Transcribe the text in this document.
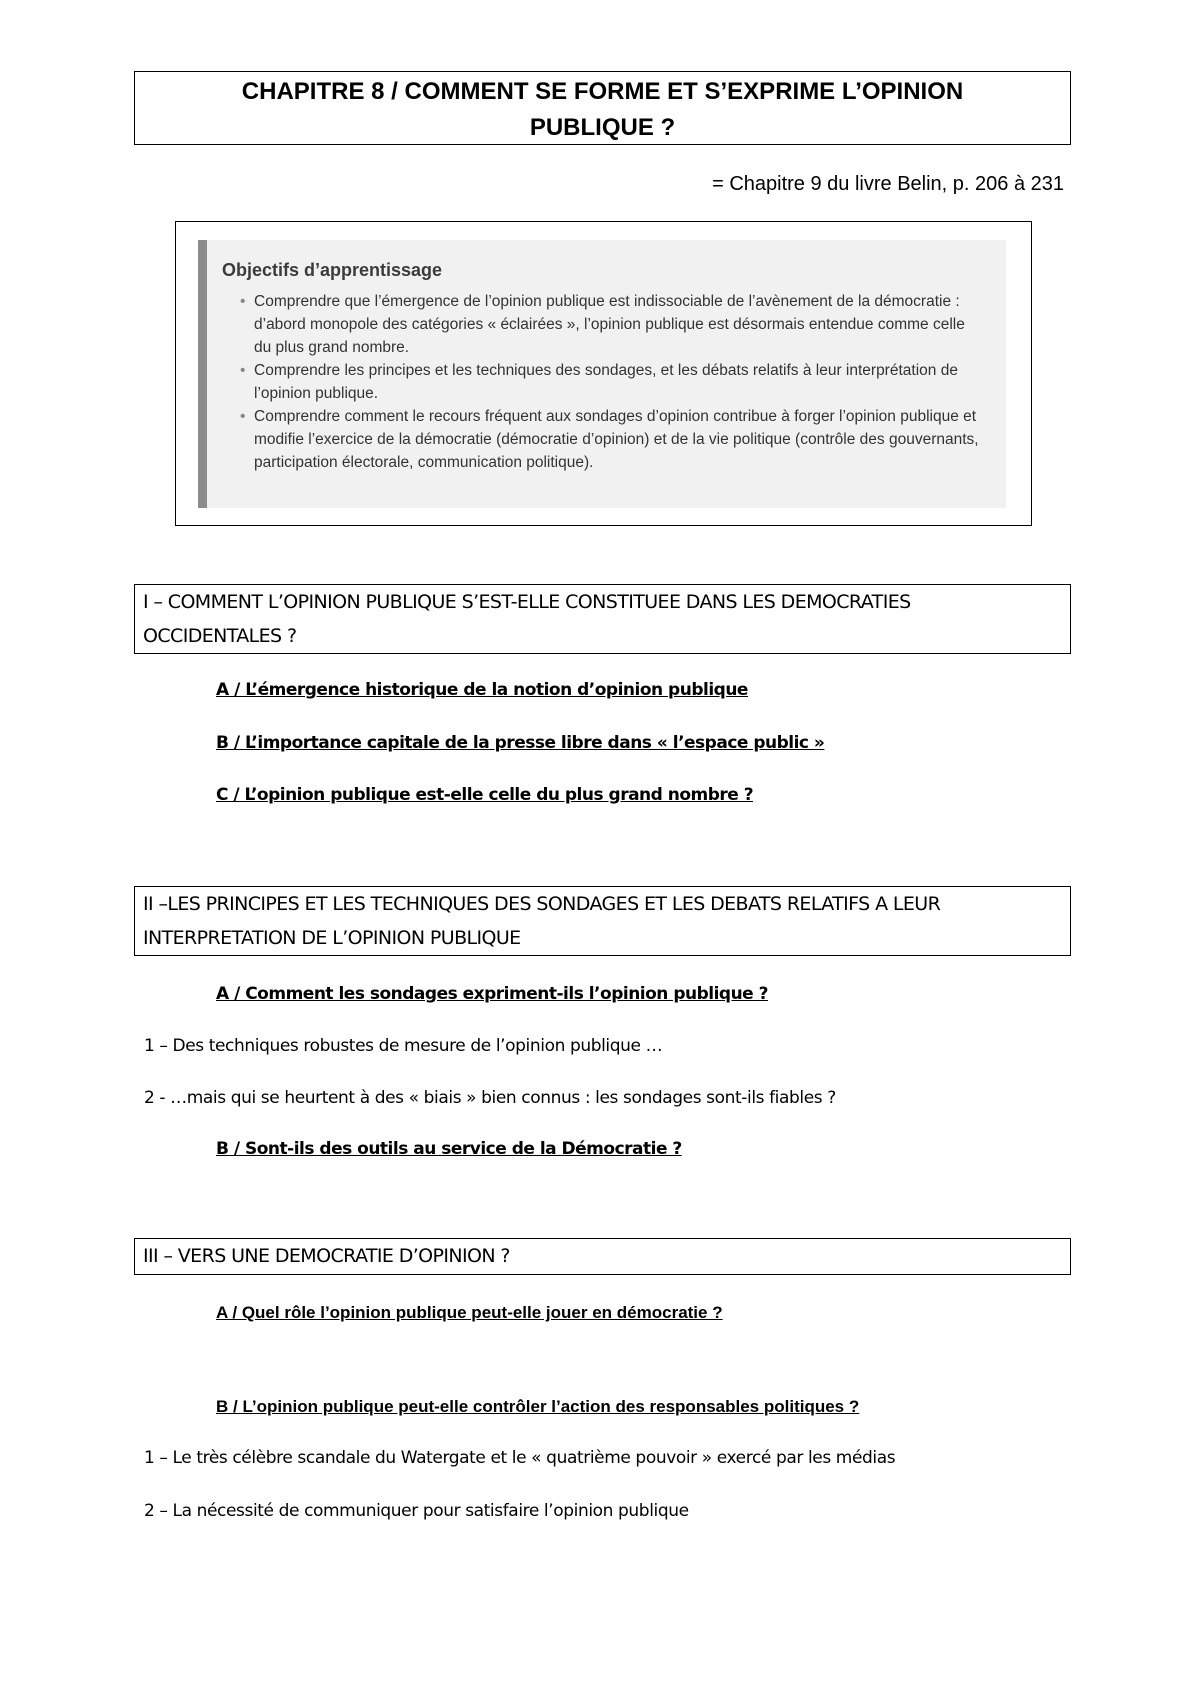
CHAPITRE 8 / COMMENT SE FORME ET S’EXPRIME L’OPINION
PUBLIQUE ?
= Chapitre 9 du livre Belin, p. 206 à 231
Objectifs d’apprentissage
• Comprendre que l’émergence de l’opinion publique est indissociable de l’avènement de la démocratie : d’abord monopole des catégories « éclairées », l’opinion publique est désormais entendue comme celle du plus grand nombre.
• Comprendre les principes et les techniques des sondages, et les débats relatifs à leur interprétation de l’opinion publique.
• Comprendre comment le recours fréquent aux sondages d’opinion contribue à forger l’opinion publique et modifie l’exercice de la démocratie (démocratie d’opinion) et de la vie politique (contrôle des gouvernants, participation électorale, communication politique).
I – COMMENT L’OPINION PUBLIQUE S’EST-ELLE CONSTITUEE DANS LES DEMOCRATIES
OCCIDENTALES ?
A / L’émergence historique de la notion d’opinion publique
B / L’importance capitale de la presse libre dans « l’espace public »
C / L’opinion publique est-elle celle du plus grand nombre ?
II –LES PRINCIPES ET LES TECHNIQUES DES SONDAGES ET LES DEBATS RELATIFS A LEUR
INTERPRETATION DE L’OPINION PUBLIQUE
A / Comment les sondages expriment-ils l’opinion publique ?
1 – Des techniques robustes de mesure de l’opinion publique …
2 - …mais qui se heurtent à des « biais » bien connus : les sondages sont-ils fiables ?
B / Sont-ils des outils au service de la Démocratie ?
III – VERS UNE DEMOCRATIE D’OPINION ?
A / Quel rôle l’opinion publique peut-elle jouer en démocratie ?
B / L’opinion publique peut-elle contrôler l’action des responsables politiques ?
1 – Le très célèbre scandale du Watergate et le « quatrième pouvoir » exercé par les médias
2 – La nécessité de communiquer pour satisfaire l’opinion publique
